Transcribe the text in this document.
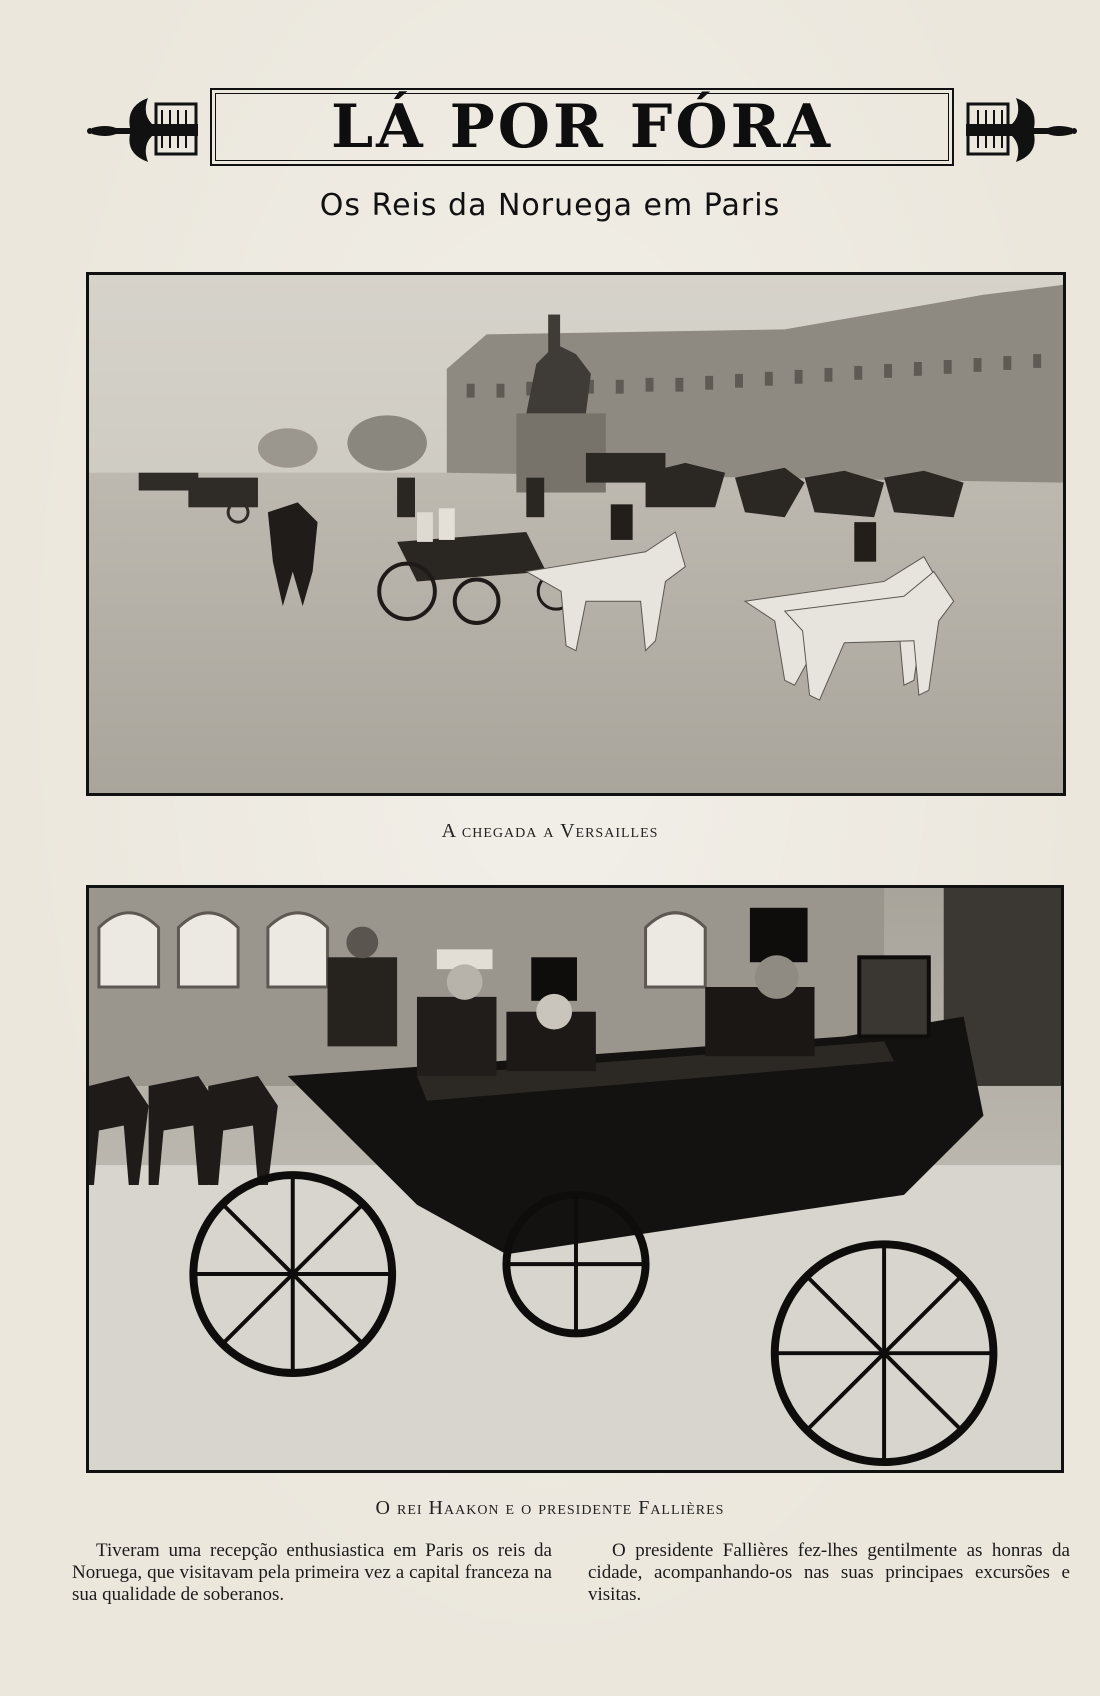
LÁ POR FÓRA
Os Reis da Noruega em Paris
A chegada a Versailles
O rei Haakon e o presidente Fallières
Tiveram uma recepção enthusiastica em Paris os reis da Noruega, que visitavam pela primeira vez a capital franceza na sua qualidade de soberanos.
O presidente Fallières fez-lhes gentilmente as honras da cidade, acompanhando-os nas suas principaes excursões e visitas.
